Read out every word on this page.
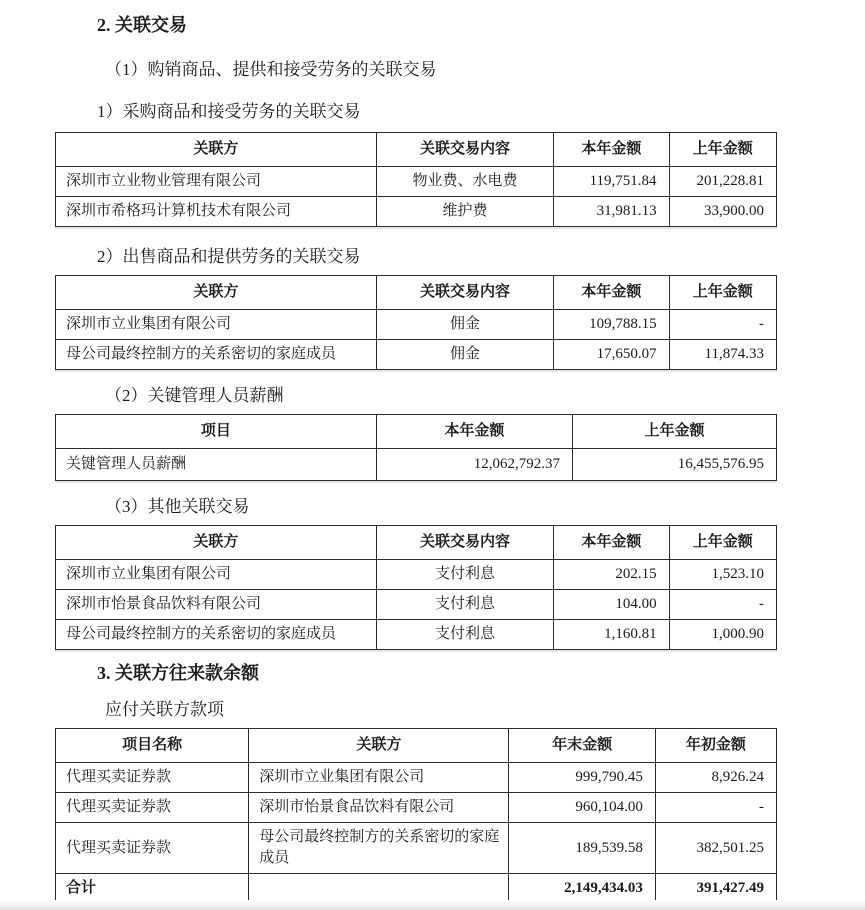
2. 关联交易
（1）购销商品、提供和接受劳务的关联交易
1）采购商品和接受劳务的关联交易
关联方	关联交易内容	本年金额	上年金额
深圳市立业物业管理有限公司	物业费、水电费	119,751.84	201,228.81
深圳市希格玛计算机技术有限公司	维护费	31,981.13	33,900.00
2）出售商品和提供劳务的关联交易
关联方	关联交易内容	本年金额	上年金额
深圳市立业集团有限公司	佣金	109,788.15	-
母公司最终控制方的关系密切的家庭成员	佣金	17,650.07	11,874.33
（2）关键管理人员薪酬
项目	本年金额	上年金额
关键管理人员薪酬	12,062,792.37	16,455,576.95
（3）其他关联交易
关联方	关联交易内容	本年金额	上年金额
深圳市立业集团有限公司	支付利息	202.15	1,523.10
深圳市怡景食品饮料有限公司	支付利息	104.00	-
母公司最终控制方的关系密切的家庭成员	支付利息	1,160.81	1,000.90
3. 关联方往来款余额
应付关联方款项
项目名称	关联方	年末金额	年初金额
代理买卖证券款	深圳市立业集团有限公司	999,790.45	8,926.24
代理买卖证券款	深圳市怡景食品饮料有限公司	960,104.00	-
代理买卖证券款	母公司最终控制方的关系密切的家庭成员	189,539.58	382,501.25
合计		2,149,434.03	391,427.49
